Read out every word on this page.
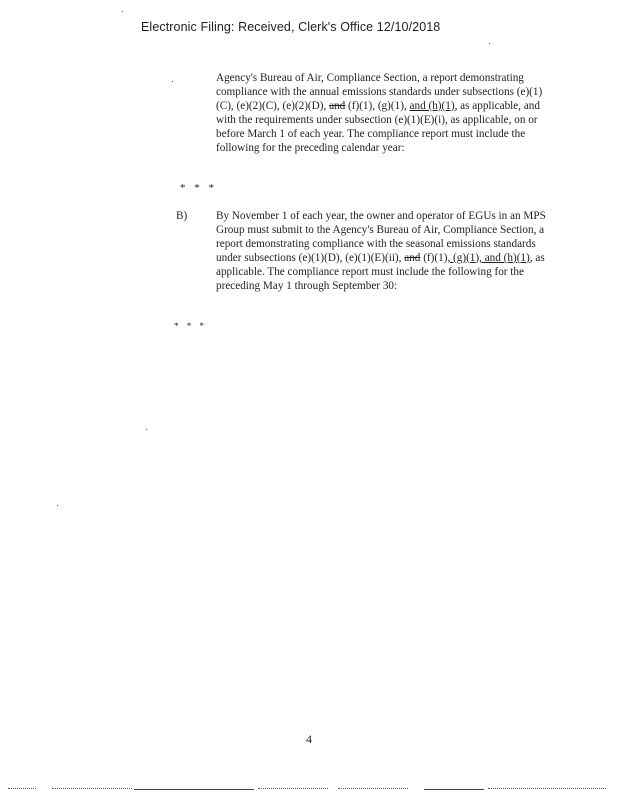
Electronic Filing: Received, Clerk's Office 12/10/2018

Agency's Bureau of Air, Compliance Section, a report demonstrating compliance with the annual emissions standards under subsections (e)(1)(C), (e)(2)(C), (e)(2)(D), and (f)(1), (g)(1), and (h)(1), as applicable, and with the requirements under subsection (e)(1)(E)(i), as applicable, on or before March 1 of each year. The compliance report must include the following for the preceding calendar year:

* * *
B)	By November 1 of each year, the owner and operator of EGUs in an MPS Group must submit to the Agency's Bureau of Air, Compliance Section, a report demonstrating compliance with the seasonal emissions standards under subsections (e)(1)(D), (e)(1)(E)(ii), and (f)(1), (g)(1), and (h)(1), as applicable. The compliance report must include the following for the preceding May 1 through September 30:

* * *
4
